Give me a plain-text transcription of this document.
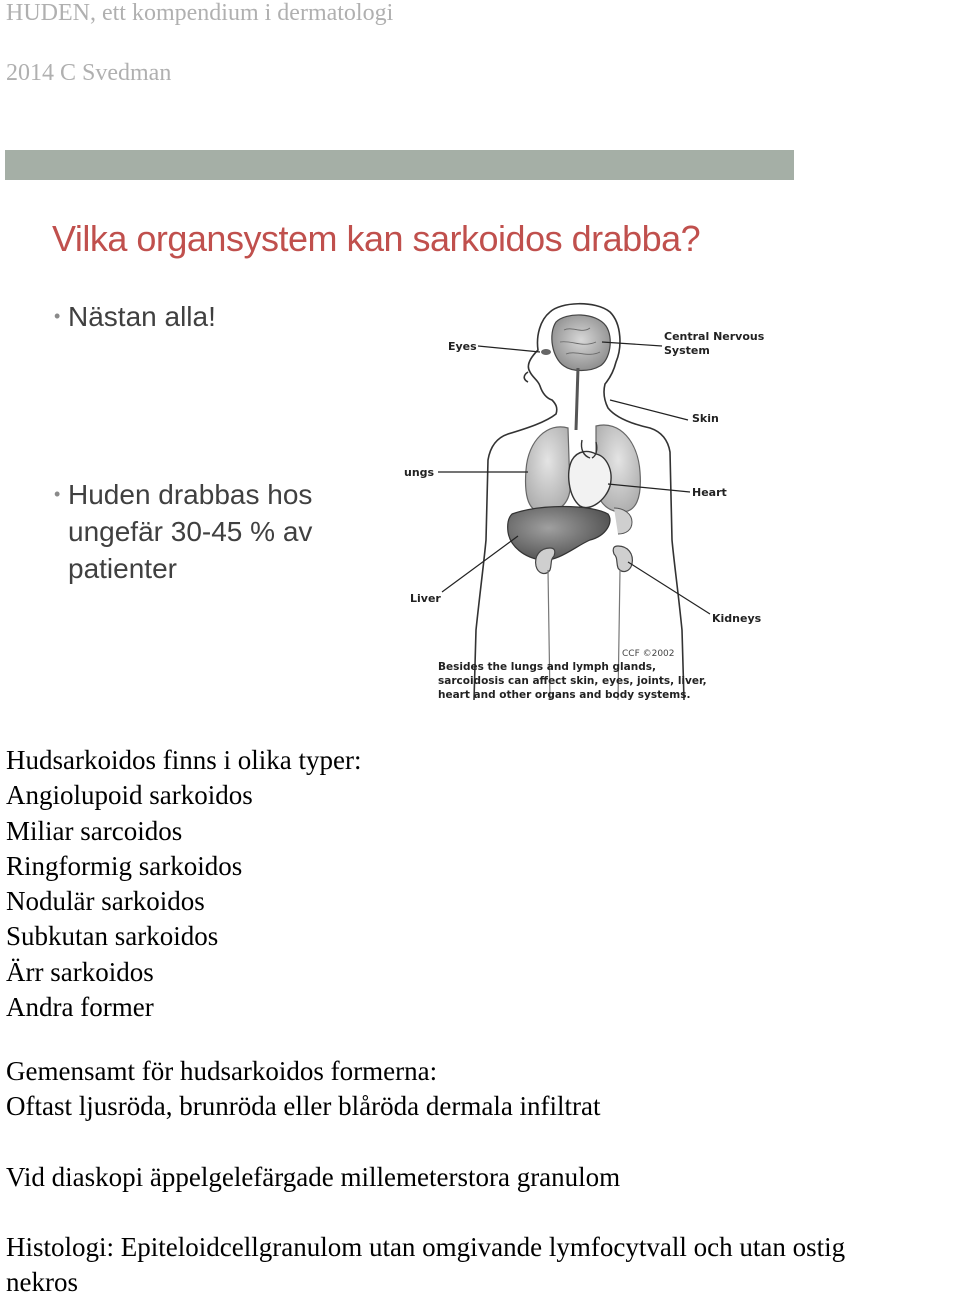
HUDEN, ett kompendium i dermatologi
2014 C Svedman
Vilka organsystem kan sarkoidos drabba?
• Nästan alla!
• Huden drabbas hos ungefär 30-45 % av patienter
Eyes
Central Nervous System
Skin
ungs
Heart
Liver
Kidneys
CCF ©2002
Besides the lungs and lymph glands, sarcoidosis can affect skin, eyes, joints, liver, heart and other organs and body systems.
Hudsarkoidos finns i olika typer:
Angiolupoid sarkoidos
Miliar sarcoidos
Ringformig sarkoidos
Nodulär sarkoidos
Subkutan sarkoidos
Ärr sarkoidos
Andra former
Gemensamt för hudsarkoidos formerna:
Oftast ljusröda, brunröda eller blåröda dermala infiltrat
Vid diaskopi äppelgelefärgade millemeterstora granulom
Histologi: Epiteloidcellgranulom utan omgivande lymfocytvall och utan ostig
nekros
